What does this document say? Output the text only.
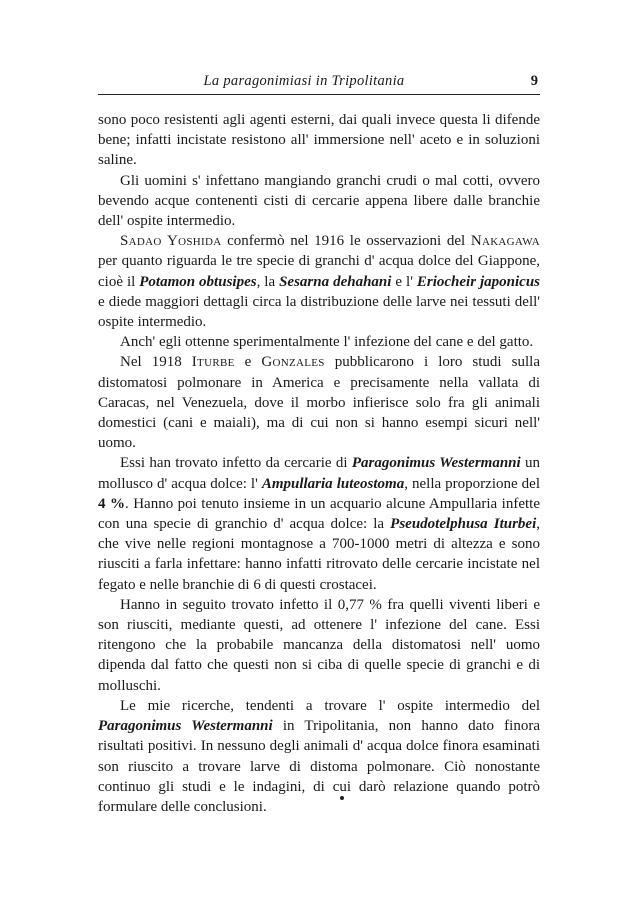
La paragonimiasi in Tripolitania	9

sono poco resistenti agli agenti esterni, dai quali invece questa li difende bene; infatti incistate resistono all' immersione nell' aceto e in soluzioni saline.

Gli uomini s' infettano mangiando granchi crudi o mal cotti, ovvero bevendo acque contenenti cisti di cercarie appena libere dalle branchie dell' ospite intermedio.

Sadao Yoshida confermò nel 1916 le osservazioni del Nakagawa per quanto riguarda le tre specie di granchi d' acqua dolce del Giappone, cioè il Potamon obtusipes, la Sesarna dehahani e l' Eriocheir japonicus e diede maggiori dettagli circa la distribuzione delle larve nei tessuti dell' ospite intermedio.

Anch' egli ottenne sperimentalmente l' infezione del cane e del gatto.

Nel 1918 Iturbe e Gonzales pubblicarono i loro studi sulla distomatosi polmonare in America e precisamente nella vallata di Caracas, nel Venezuela, dove il morbo infierisce solo fra gli animali domestici (cani e maiali), ma di cui non si hanno esempi sicuri nell' uomo.

Essi han trovato infetto da cercarie di Paragonimus Westermanni un mollusco d' acqua dolce: l' Ampullaria luteostoma, nella proporzione del 4 %. Hanno poi tenuto insieme in un acquario alcune Ampullaria infette con una specie di granchio d' acqua dolce: la Pseudotelphusa Iturbei, che vive nelle regioni montagnose a 700-1000 metri di altezza e sono riusciti a farla infettare: hanno infatti ritrovato delle cercarie incistate nel fegato e nelle branchie di 6 di questi crostacei.

Hanno in seguito trovato infetto il 0,77 % fra quelli viventi liberi e son riusciti, mediante questi, ad ottenere l' infezione del cane. Essi ritengono che la probabile mancanza della distomatosi nell' uomo dipenda dal fatto che questi non si ciba di quelle specie di granchi e di molluschi.

Le mie ricerche, tendenti a trovare l' ospite intermedio del Paragonimus Westermanni in Tripolitania, non hanno dato finora risultati positivi. In nessuno degli animali d' acqua dolce finora esaminati son riuscito a trovare larve di distoma polmonare. Ciò nonostante continuo gli studi e le indagini, di cui darò relazione quando potrò formulare delle conclusioni.
